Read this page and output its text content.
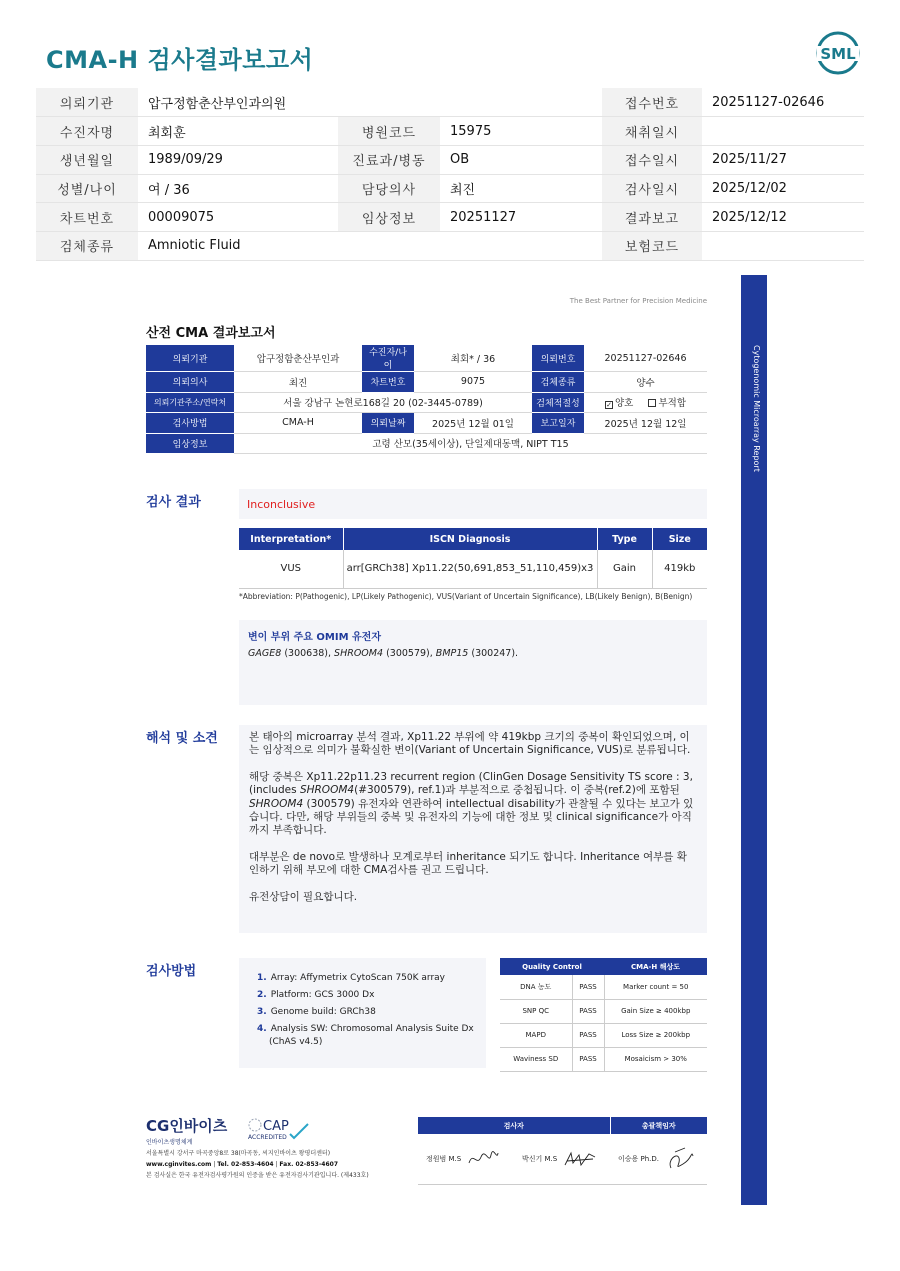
CMA-H 검사결과보고서	SML
의뢰기관	압구정함춘산부인과의원			접수번호	20251127-02646
수진자명	최회훈	병원코드	15975	채취일시	
생년월일	1989/09/29	진료과/병동	OB	접수일시	2025/11/27
성별/나이	여 / 36	담당의사	최진	검사일시	2025/12/02
차트번호	00009075	임상정보	20251127	결과보고	2025/12/12
검체종류	Amniotic Fluid			보험코드	
Cytogenomic Microarray Report
The Best Partner for Precision Medicine
산전 CMA 결과보고서
의뢰기관	압구정함춘산부인과	수진자/나이	최회* / 36	의뢰번호	20251127-02646
의뢰의사	최진	차트번호	9075	검체종류	양수
의뢰기관주소/연락처	서울 강남구 논현로168길 20 (02-3445-0789)			검체적절성	✓ 양호 부적합
검사방법	CMA-H	의뢰날짜	2025년 12월 01일	보고일자	2025년 12월 12일
임상정보	고령 산모(35세이상), 단일제대동맥, NIPT T15				
검사 결과	Inconclusive
Interpretation*	ISCN Diagnosis	Type	Size
VUS	arr[GRCh38] Xp11.22(50,691,853_51,110,459)x3	Gain	419kb
*Abbreviation: P(Pathogenic), LP(Likely Pathogenic), VUS(Variant of Uncertain Significance), LB(Likely Benign), B(Benign)
변이 부위 주요 OMIM 유전자
GAGE8 (300638), SHROOM4 (300579), BMP15 (300247).
해석 및 소견	본 태아의 microarray 분석 결과, Xp11.22 부위에 약 419kbp 크기의 중복이 확인되었으며, 이는 임상적으로 의미가 불확실한 변이(Variant of Uncertain Significance, VUS)로 분류됩니다.

해당 중복은 Xp11.22p11.23 recurrent region (ClinGen Dosage Sensitivity TS score : 3, (includes SHROOM4(#300579), ref.1)과 부분적으로 중첩됩니다. 이 중복(ref.2)에 포함된 SHROOM4 (300579) 유전자와 연관하여 intellectual disability가 관찰될 수 있다는 보고가 있습니다. 다만, 해당 부위들의 중복 및 유전자의 기능에 대한 정보 및 clinical significance가 아직까지 부족합니다.

대부분은 de novo로 발생하나 모계로부터 inheritance 되기도 합니다. Inheritance 여부를 확인하기 위해 부모에 대한 CMA검사를 권고 드립니다.

유전상담이 필요합니다.

검사방법	1. Array: Affymetrix CytoScan 750K array
2. Platform: GCS 3000 Dx
3. Genome build: GRCh38
4. Analysis SW: Chromosomal Analysis Suite Dx
(ChAS v4.5)
Quality Control		CMA-H 해상도
DNA 농도	PASS	Marker count = 50
SNP QC	PASS	Gain Size ≥ 400kbp
MAPD	PASS	Loss Size ≥ 200kbp
Waviness SD	PASS	Mosaicism > 30%
CG인바이츠
인바이츠생명체계
CAP
ACCREDITED
서울특별시 강서구 마곡중앙8로 38(마곡동, 씨지인바이츠 왕평더센터)
www.cginvites.com | Tel. 02-853-4604 | Fax. 02-853-4607
본 검사실은 한국 유전자검사평가원의 인증을 받은 유전자검사기관입니다. (제433호)
검사자		총괄책임자
정원범 M.S	박신기 M.S	이승용 Ph.D.
